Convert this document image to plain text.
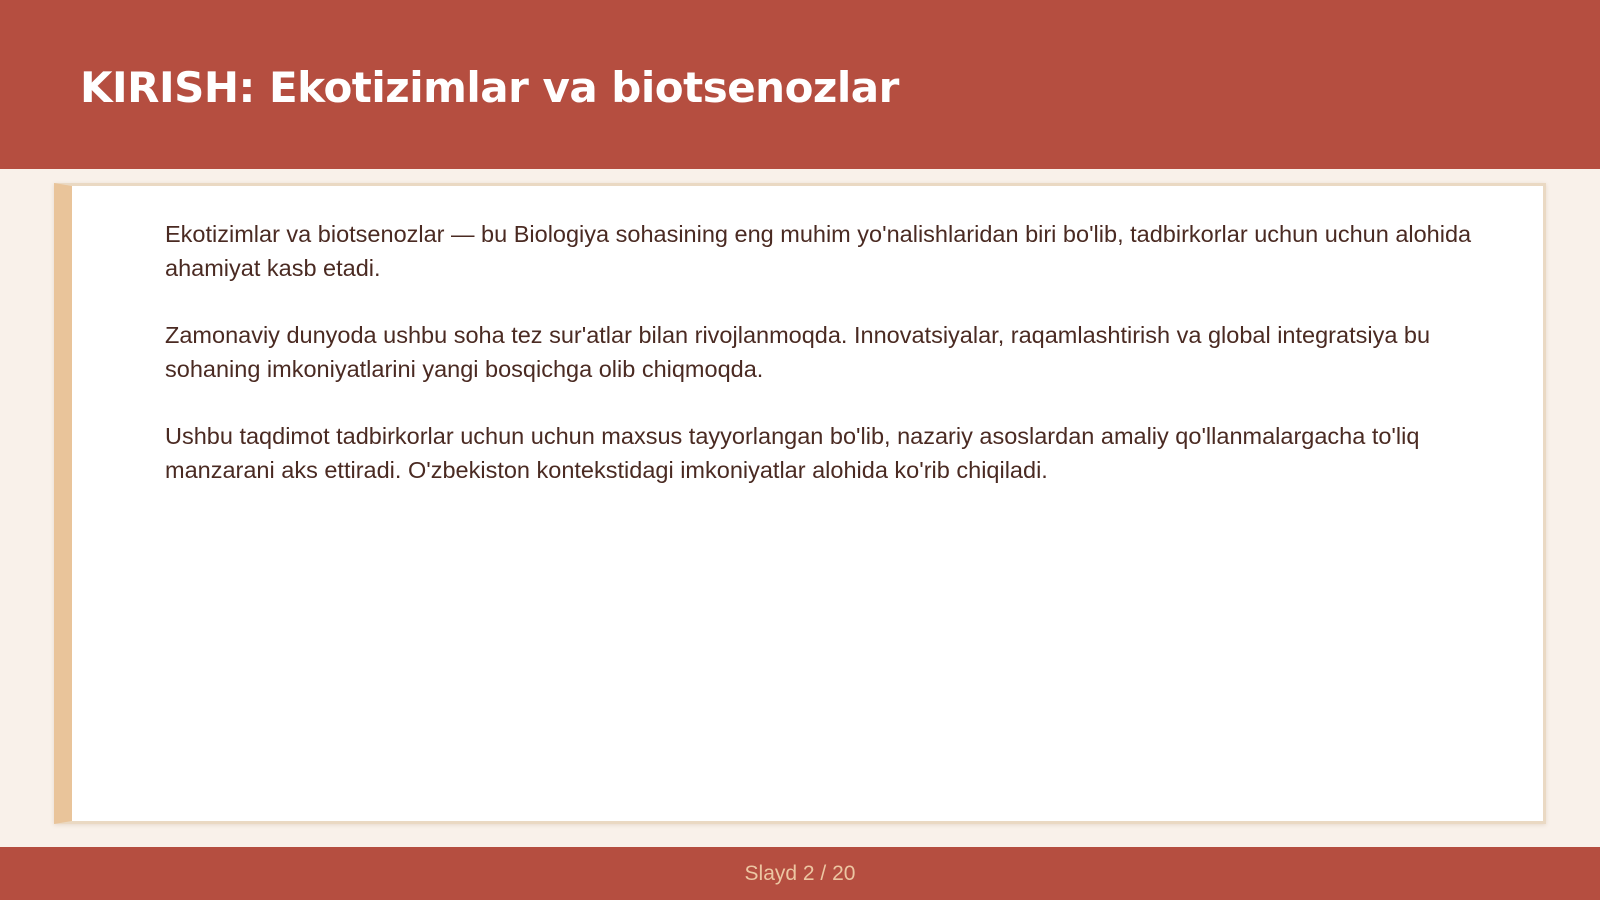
KIRISH: Ekotizimlar va biotsenozlar

Ekotizimlar va biotsenozlar — bu Biologiya sohasining eng muhim yo'nalishlaridan biri bo'lib, tadbirkorlar uchun uchun alohida ahamiyat kasb etadi.

Zamonaviy dunyoda ushbu soha tez sur'atlar bilan rivojlanmoqda. Innovatsiyalar, raqamlashtirish va global integratsiya bu sohaning imkoniyatlarini yangi bosqichga olib chiqmoqda.

Ushbu taqdimot tadbirkorlar uchun uchun maxsus tayyorlangan bo'lib, nazariy asoslardan amaliy qo'llanmalargacha to'liq manzarani aks ettiradi. O'zbekiston kontekstidagi imkoniyatlar alohida ko'rib chiqiladi.

Slayd 2 / 20
